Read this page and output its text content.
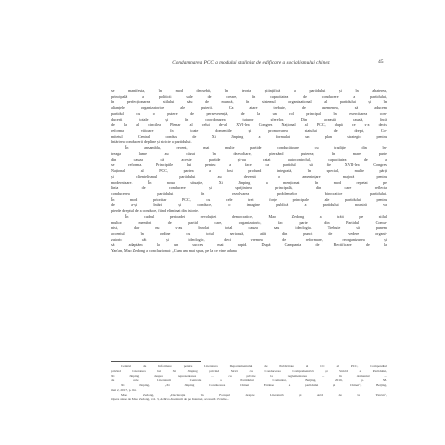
Condamnarea PCC a modului stalinist de edificare a socialismului chinez	45
se manifesta, în mod deosebit, în teoria științifică a partidului și în abaterea,
principală a politicii sale de creare, în capacitatea de conducere a partidului,
în perfecționarea stilului său de muncă, în sistemul organizational al partidului și în
alianțele organizatorice ale puterii. Ca atare trebuie, de asemenea, să aducem
partidul cu o putere de perseverență, de la un rol principal în exercitarea con-
ducerii totale și în coordonarea tuturor sferelor. Din această cauză, încă
de la al cincilea Plenar al celui de-al XVI-lea Congres Național al PCC, după ce s-a decis
reforma viitoare în toate domeniile și promovarea statului de drept, Co-
mitetul Central condus de Xi Jinping a formulat un plan strategic pentru
întărirea conducerii depline și stricte a partidului.
În ansamblu, recent, mai multe partide conducătoare cu tradiție din în-
treaga lume au căzut în dezvoltare, pierzând puterea; în mare parte
din cauza că aceste partide și-au ratat autocontrolul, capacitatea de a
se reforma. Principiile lui pentru a face ca partidul să fie XVII-lea Congres
Național al PCC, partea a fost profund integrată, în special, multe părți
și clientelismul partidului au devenit o amenințare majoră pentru
modernizare. În noua situație, Xi Jinping a menționat în mod repetat pe
linia de conducere și sprijinirea principală, din care reflecta
conducerea partidului în rezolvarea problemelor birocratice partidului.
În mod prioritar PCC, cu cele trei forțe principale ale partidului pentru
de a-și întări și conduce, o imagine publică a partidului noastră va
pierde dreptul de a conduce, fiind eliminat din istorie.
În cadrul perioadei revoluției democratice, Mao Zedong a trăit pe stilul
multor membri de partid care, organizatoric, fac parte din Partidul Comu-
nist, dar nu s-au înrolat total cauza sau ideologia. Trebuie să punem
accentul în ordine cu totul serioasă, atât din punct de vedere organi-
zatoric cât și ideologic, deci vremea de reformare, reorganizarea și
să adaptăm la un succes mai rapid. După Campania de Rectificare de la
Yan'an, Mao Zedong a concluzionat: „Cum am mai spus, pe la ce vine aduna
Centrul de Informare pentru Literatura Departamentului de Publicitate al CC al PCC, Compendiul
privind Literatura lui Xi Jinping privind Strict cu Conducerea Comprehensivă și Strictă a Partidului,
Xi Jinping despre reprezentarea ... cu privire la reglementarea ... în domeniul ...
de cele Literaturii Centrale a Partidului Comunist, Beijing, 2016, p. 58.
Xi Jinping, „Xi Jinping Conducerea Chinei Extinse a partidului și Chinei“, Beijing,
mai 2, 2017, p. 64.
Mao Zedong, „Declarația în Focușul despre Literatură și Artă de la Yan'an“,
Opere alese de Mao Zedong, vol. 3, Arhiva Aventurii de pe Internet, accesată 15 iulie...
